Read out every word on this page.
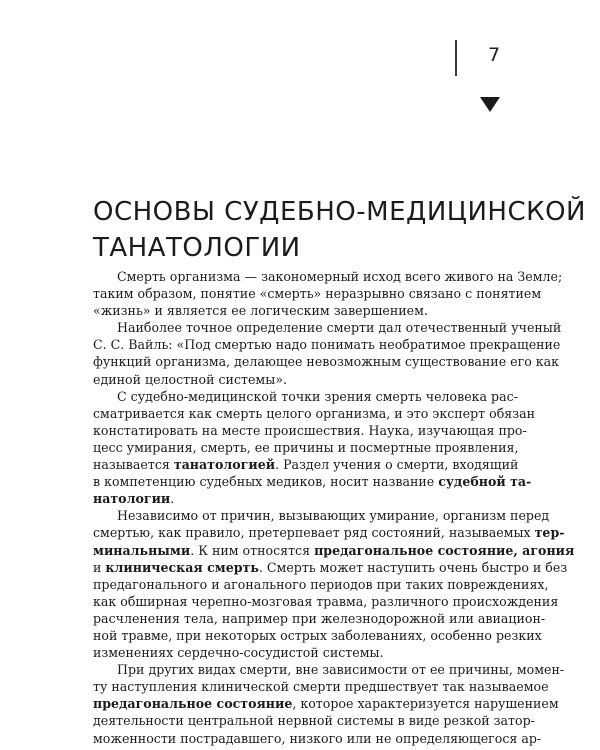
7
ОСНОВЫ СУДЕБНО-МЕДИЦИНСКОЙ
ТАНАТОЛОГИИ
Смерть организма — закономерный исход всего живого на Земле;
таким образом, понятие «смерть» неразрывно связано с понятием
«жизнь» и является ее логическим завершением.
Наиболее точное определение смерти дал отечественный ученый
С. С. Вайль: «Под смертью надо понимать необратимое прекращение
функций организма, делающее невозможным существование его как
единой целостной системы».
С судебно-медицинской точки зрения смерть человека рас-
сматривается как смерть целого организма, и это эксперт обязан
констатировать на месте происшествия. Наука, изучающая про-
цесс умирания, смерть, ее причины и посмертные проявления,
называется танатологией. Раздел учения о смерти, входящий
в компетенцию судебных медиков, носит название судебной та-
натологии.
Независимо от причин, вызывающих умирание, организм перед
смертью, как правило, претерпевает ряд состояний, называемых тер-
минальными. К ним относятся предагональное состояние, агония
и клиническая смерть. Смерть может наступить очень быстро и без
предагонального и агонального периодов при таких повреждениях,
как обширная черепно-мозговая травма, различного происхождения
расчленения тела, например при железнодорожной или авиацион-
ной травме, при некоторых острых заболеваниях, особенно резких
изменениях сердечно-сосудистой системы.
При других видах смерти, вне зависимости от ее причины, момен-
ту наступления клинической смерти предшествует так называемое
предагональное состояние, которое характеризуется нарушением
деятельности центральной нервной системы в виде резкой затор-
моженности пострадавшего, низкого или не определяющегося ар-
